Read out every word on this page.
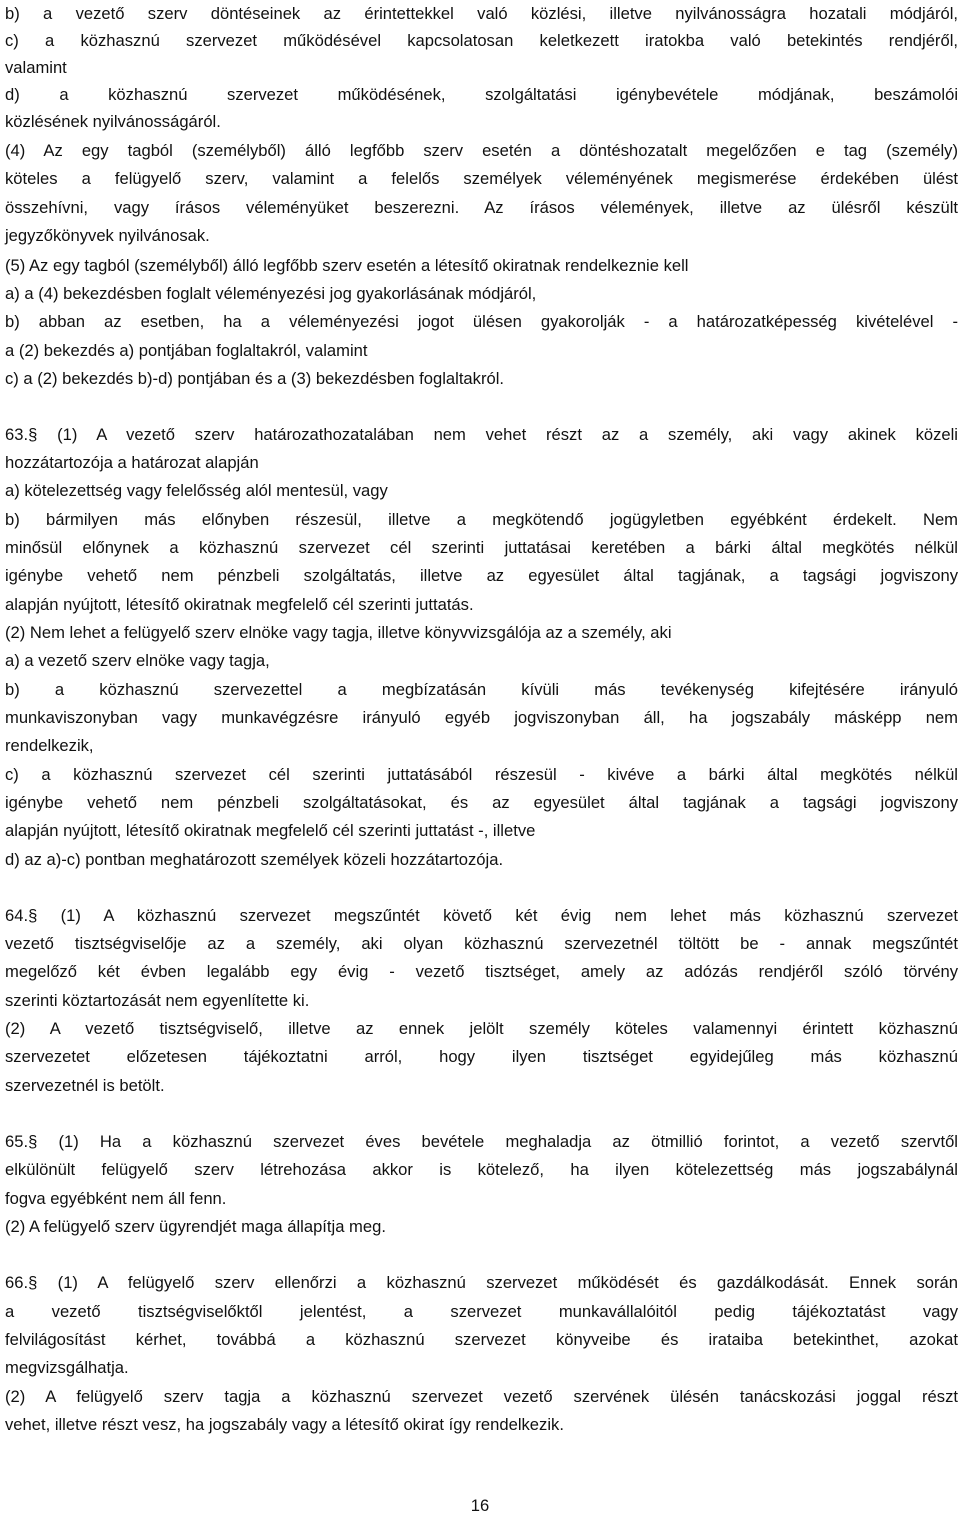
b) a vezető szerv döntéseinek az érintettekkel való közlési, illetve nyilvánosságra hozatali módjáról,
c) a közhasznú szervezet működésével kapcsolatosan keletkezett iratokba való betekintés rendjéről,
valamint
d) a közhasznú szervezet működésének, szolgáltatási igénybevétele módjának, beszámolói
közlésének nyilvánosságáról.
(4) Az egy tagból (személyből) álló legfőbb szerv esetén a döntéshozatalt megelőzően e tag (személy)
köteles a felügyelő szerv, valamint a felelős személyek véleményének megismerése érdekében ülést
összehívni, vagy írásos véleményüket beszerezni. Az írásos vélemények, illetve az ülésről készült
jegyzőkönyvek nyilvánosak.
(5) Az egy tagból (személyből) álló legfőbb szerv esetén a létesítő okiratnak rendelkeznie kell
a) a (4) bekezdésben foglalt véleményezési jog gyakorlásának módjáról,
b) abban az esetben, ha a véleményezési jogot ülésen gyakorolják - a határozatképesség kivételével -
a (2) bekezdés a) pontjában foglaltakról, valamint
c) a (2) bekezdés b)-d) pontjában és a (3) bekezdésben foglaltakról.
63.§ (1) A vezető szerv határozathozatalában nem vehet részt az a személy, aki vagy akinek közeli
hozzátartozója a határozat alapján
a) kötelezettség vagy felelősség alól mentesül, vagy
b) bármilyen más előnyben részesül, illetve a megkötendő jogügyletben egyébként érdekelt. Nem
minősül előnynek a közhasznú szervezet cél szerinti juttatásai keretében a bárki által megkötés nélkül
igénybe vehető nem pénzbeli szolgáltatás, illetve az egyesület által tagjának, a tagsági jogviszony
alapján nyújtott, létesítő okiratnak megfelelő cél szerinti juttatás.
(2) Nem lehet a felügyelő szerv elnöke vagy tagja, illetve könyvvizsgálója az a személy, aki
a) a vezető szerv elnöke vagy tagja,
b) a közhasznú szervezettel a megbízatásán kívüli más tevékenység kifejtésére irányuló
munkaviszonyban vagy munkavégzésre irányuló egyéb jogviszonyban áll, ha jogszabály másképp nem
rendelkezik,
c) a közhasznú szervezet cél szerinti juttatásából részesül - kivéve a bárki által megkötés nélkül
igénybe vehető nem pénzbeli szolgáltatásokat, és az egyesület által tagjának a tagsági jogviszony
alapján nyújtott, létesítő okiratnak megfelelő cél szerinti juttatást -, illetve
d) az a)-c) pontban meghatározott személyek közeli hozzátartozója.
64.§ (1) A közhasznú szervezet megszűntét követő két évig nem lehet más közhasznú szervezet
vezető tisztségviselője az a személy, aki olyan közhasznú szervezetnél töltött be - annak megszűntét
megelőző két évben legalább egy évig - vezető tisztséget, amely az adózás rendjéről szóló törvény
szerinti köztartozását nem egyenlítette ki.
(2) A vezető tisztségviselő, illetve az ennek jelölt személy köteles valamennyi érintett közhasznú
szervezetet előzetesen tájékoztatni arról, hogy ilyen tisztséget egyidejűleg más közhasznú
szervezetnél is betölt.
65.§ (1) Ha a közhasznú szervezet éves bevétele meghaladja az ötmillió forintot, a vezető szervtől
elkülönült felügyelő szerv létrehozása akkor is kötelező, ha ilyen kötelezettség más jogszabálynál
fogva egyébként nem áll fenn.
(2) A felügyelő szerv ügyrendjét maga állapítja meg.
66.§ (1) A felügyelő szerv ellenőrzi a közhasznú szervezet működését és gazdálkodását. Ennek során
a vezető tisztségviselőktől jelentést, a szervezet munkavállalóitól pedig tájékoztatást vagy
felvilágosítást kérhet, továbbá a közhasznú szervezet könyveibe és irataiba betekinthet, azokat
megvizsgálhatja.
(2) A felügyelő szerv tagja a közhasznú szervezet vezető szervének ülésén tanácskozási joggal részt
vehet, illetve részt vesz, ha jogszabály vagy a létesítő okirat így rendelkezik.
16
